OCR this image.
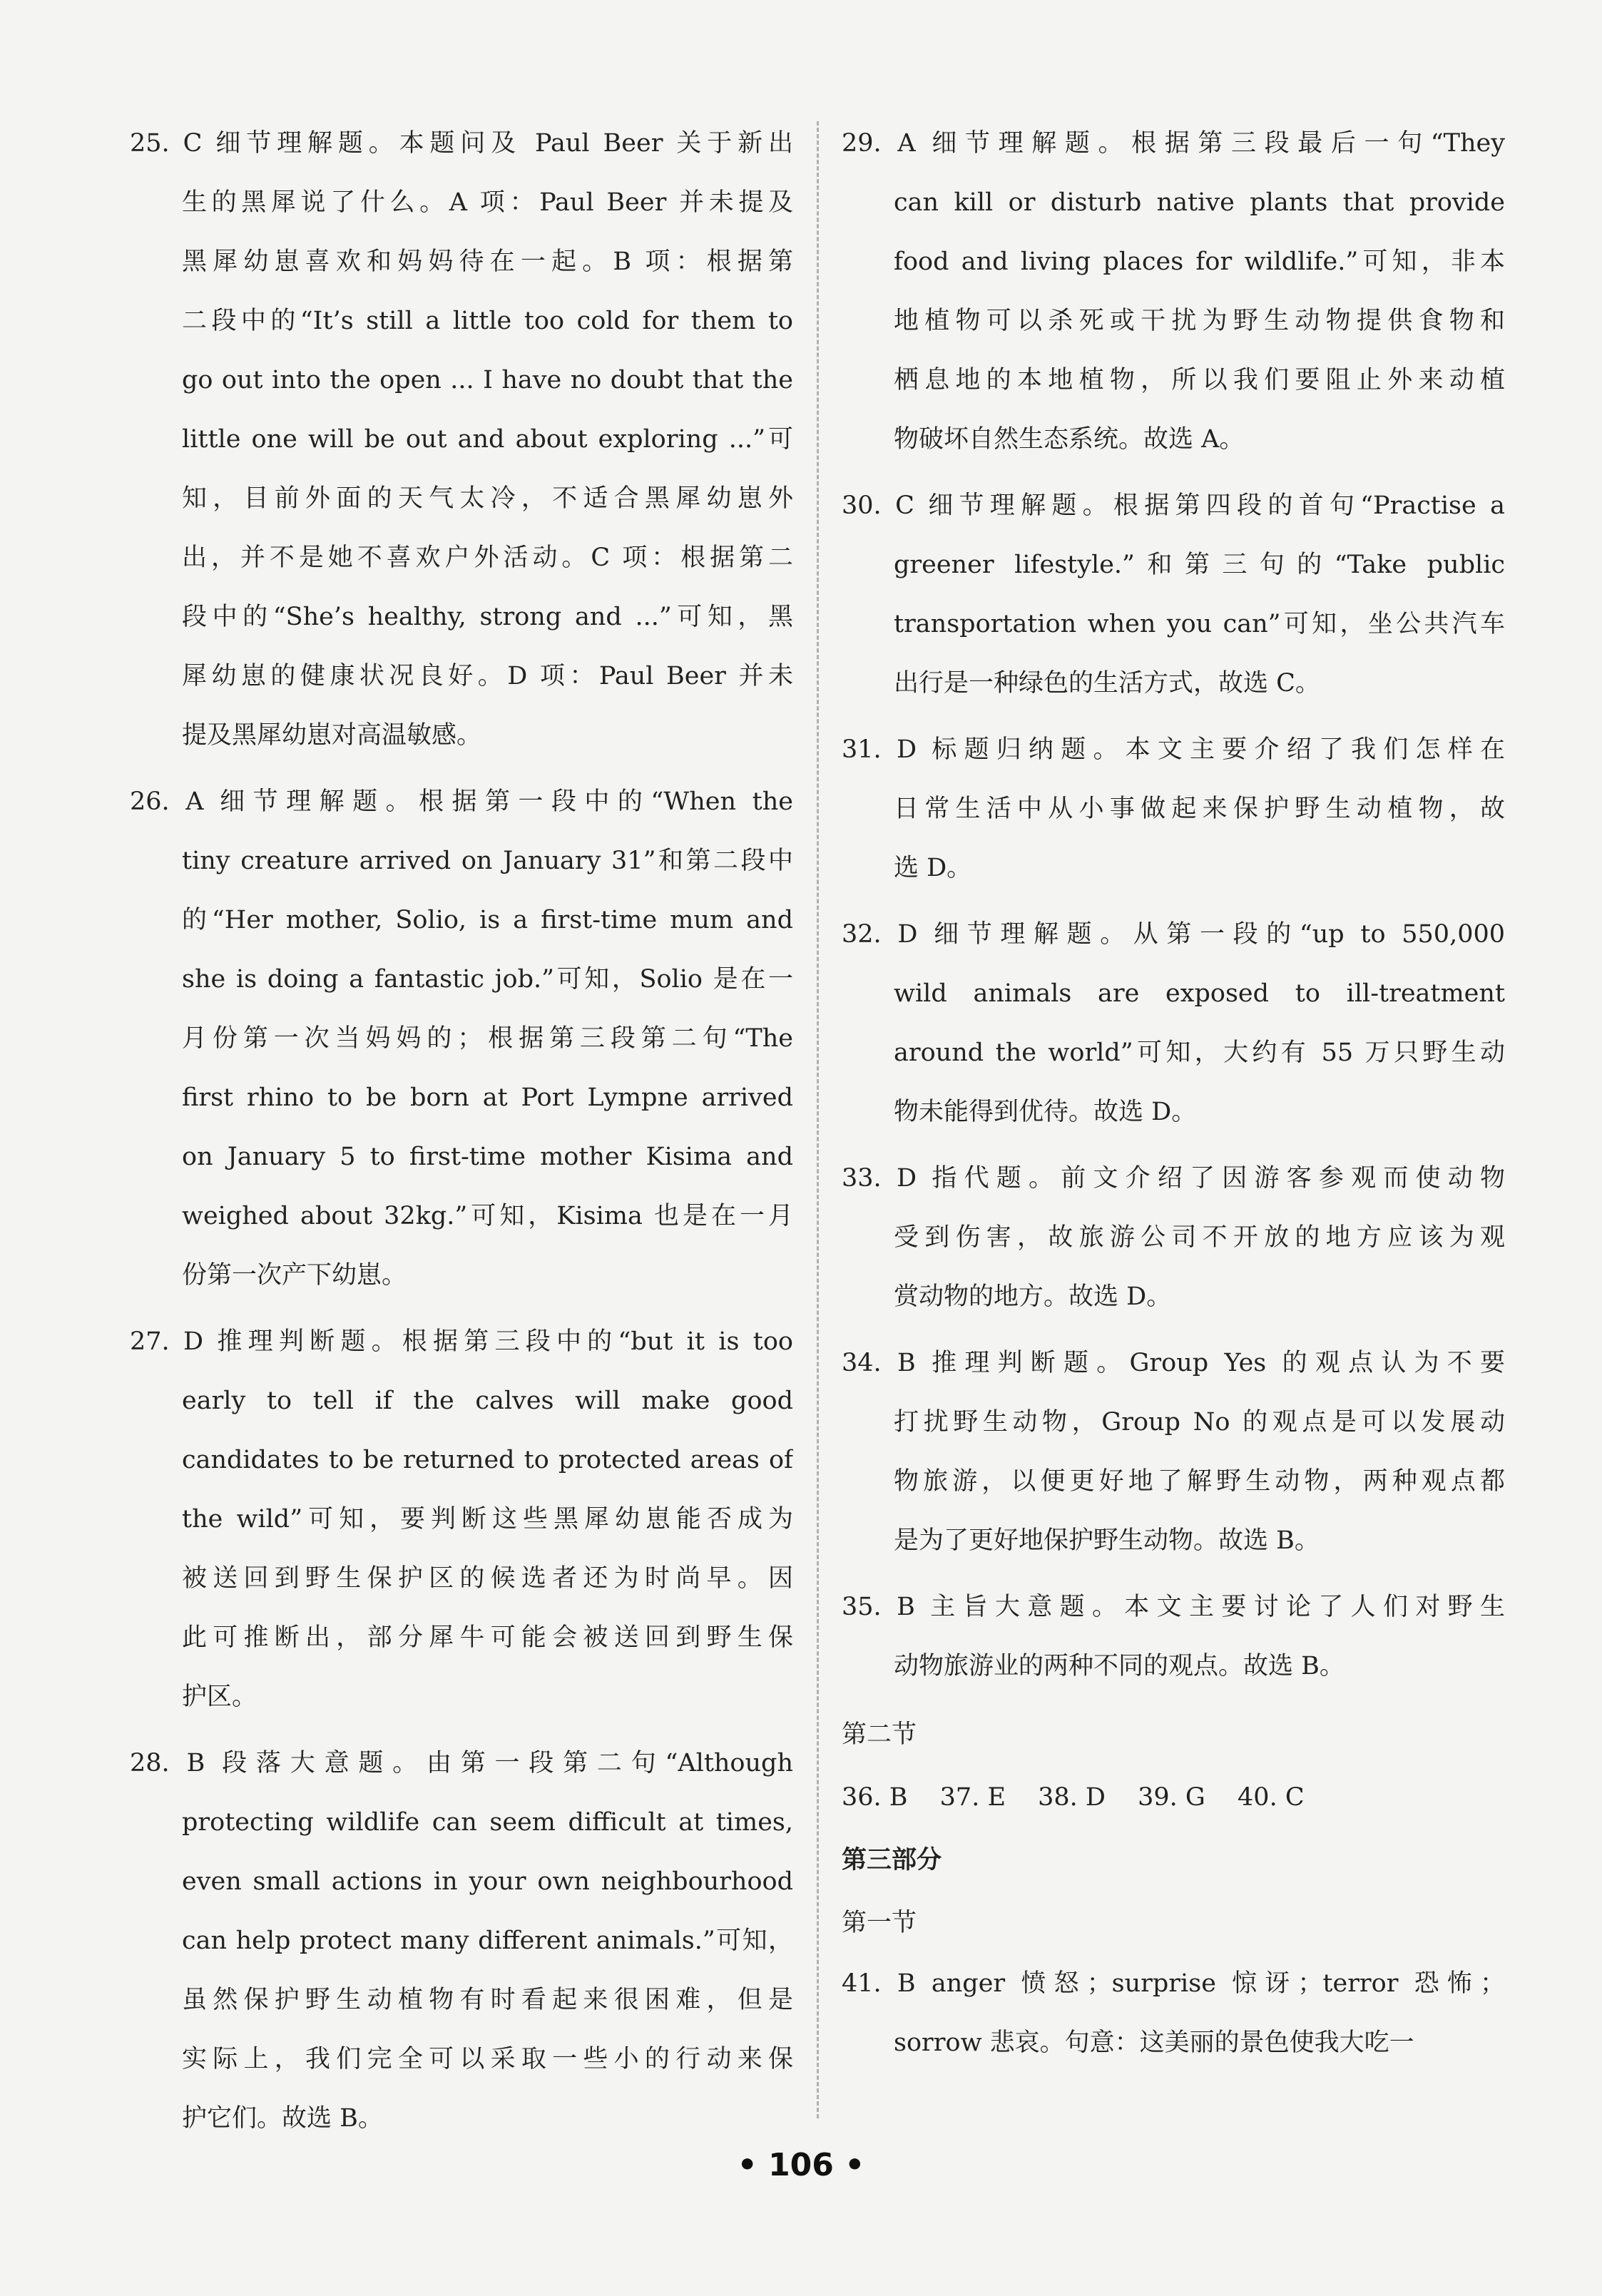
25. C 细节理解题。本题问及 Paul Beer 关于新出
生的黑犀说了什么。A 项：Paul Beer 并未提及
黑犀幼崽喜欢和妈妈待在一起。B 项：根据第
二段中的“It’s still a little too cold for them to
go out into the open ... I have no doubt that the
little one will be out and about exploring ...”可
知，目前外面的天气太冷，不适合黑犀幼崽外
出，并不是她不喜欢户外活动。C 项：根据第二
段中的“She’s healthy, strong and ...”可知，黑
犀幼崽的健康状况良好。D 项：Paul Beer 并未
提及黑犀幼崽对高温敏感。
26. A 细节理解题。根据第一段中的“When the
tiny creature arrived on January 31”和第二段中
的“Her mother, Solio, is a first-time mum and
she is doing a fantastic job.”可知，Solio 是在一
月份第一次当妈妈的；根据第三段第二句“The
first rhino to be born at Port Lympne arrived
on January 5 to first-time mother Kisima and
weighed about 32kg.”可知，Kisima 也是在一月
份第一次产下幼崽。
27. D 推理判断题。根据第三段中的“but it is too
early to tell if the calves will make good
candidates to be returned to protected areas of
the wild”可知，要判断这些黑犀幼崽能否成为
被送回到野生保护区的候选者还为时尚早。因
此可推断出，部分犀牛可能会被送回到野生保
护区。
28. B 段落大意题。由第一段第二句“Although
protecting wildlife can seem difficult at times,
even small actions in your own neighbourhood
can help protect many different animals.”可知，
虽然保护野生动植物有时看起来很困难，但是
实际上，我们完全可以采取一些小的行动来保
护它们。故选 B。
29. A 细节理解题。根据第三段最后一句“They
can kill or disturb native plants that provide
food and living places for wildlife.”可知，非本
地植物可以杀死或干扰为野生动物提供食物和
栖息地的本地植物，所以我们要阻止外来动植
物破坏自然生态系统。故选 A。
30. C 细节理解题。根据第四段的首句“Practise a
greener lifestyle.”和第三句的“Take public
transportation when you can”可知，坐公共汽车
出行是一种绿色的生活方式，故选 C。
31. D 标题归纳题。本文主要介绍了我们怎样在
日常生活中从小事做起来保护野生动植物，故
选 D。
32. D 细节理解题。从第一段的“up to 550,000
wild animals are exposed to ill-treatment
around the world”可知，大约有 55 万只野生动
物未能得到优待。故选 D。
33. D 指代题。前文介绍了因游客参观而使动物
受到伤害，故旅游公司不开放的地方应该为观
赏动物的地方。故选 D。
34. B 推理判断题。Group Yes 的观点认为不要
打扰野生动物，Group No 的观点是可以发展动
物旅游，以便更好地了解野生动物，两种观点都
是为了更好地保护野生动物。故选 B。
35. B 主旨大意题。本文主要讨论了人们对野生
动物旅游业的两种不同的观点。故选 B。
第二节
36. B 37. E 38. D 39. G 40. C
第三部分
第一节
41. B anger 愤怒；surprise 惊讶；terror 恐怖；
sorrow 悲哀。句意：这美丽的景色使我大吃一
• 106 •
